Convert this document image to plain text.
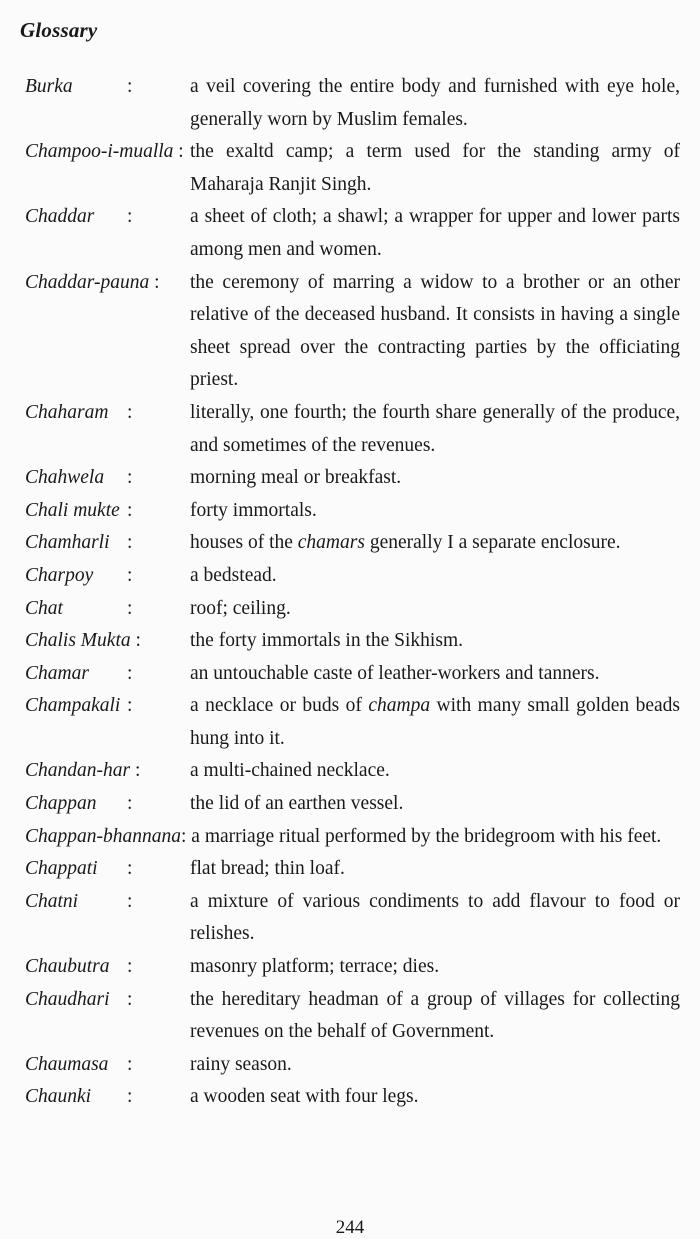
Glossary
Burka	:	a veil covering the entire body and furnished with eye hole, generally worn by Muslim females.
Champoo-i-mualla : the exaltd camp; a term used for the standing army of Maharaja Ranjit Singh.
Chaddar	:	a sheet of cloth; a shawl; a wrapper for upper and lower parts among men and women.
Chaddar-pauna :	the ceremony of marring a widow to a brother or an other relative of the deceased husband. It consists in having a single sheet spread over the contracting parties by the officiating priest.
Chaharam :	literally, one fourth; the fourth share generally of the produce, and sometimes of the revenues.
Chahwela	:	morning meal or breakfast.
Chali mukte :	forty immortals.
Chamharli :	houses of the chamars generally I a separate enclosure.
Charpoy	:	a bedstead.
Chat	:	roof; ceiling.
Chalis Mukta :	the forty immortals in the Sikhism.
Chamar	:	an untouchable caste of leather-workers and tanners.
Champakali :	a necklace or buds of champa with many small golden beads hung into it.
Chandan-har :	a multi-chained necklace.
Chappan	:	the lid of an earthen vessel.
Chappan-bhannana: a marriage ritual performed by the bridegroom with his feet.
Chappati	:	flat bread; thin loaf.
Chatni	:	a mixture of various condiments to add flavour to food or relishes.
Chaubutra :	masonry platform; terrace; dies.
Chaudhari :	the hereditary headman of a group of villages for collecting revenues on the behalf of Government.
Chaumasa :	rainy season.
Chaunki	:	a wooden seat with four legs.
244
